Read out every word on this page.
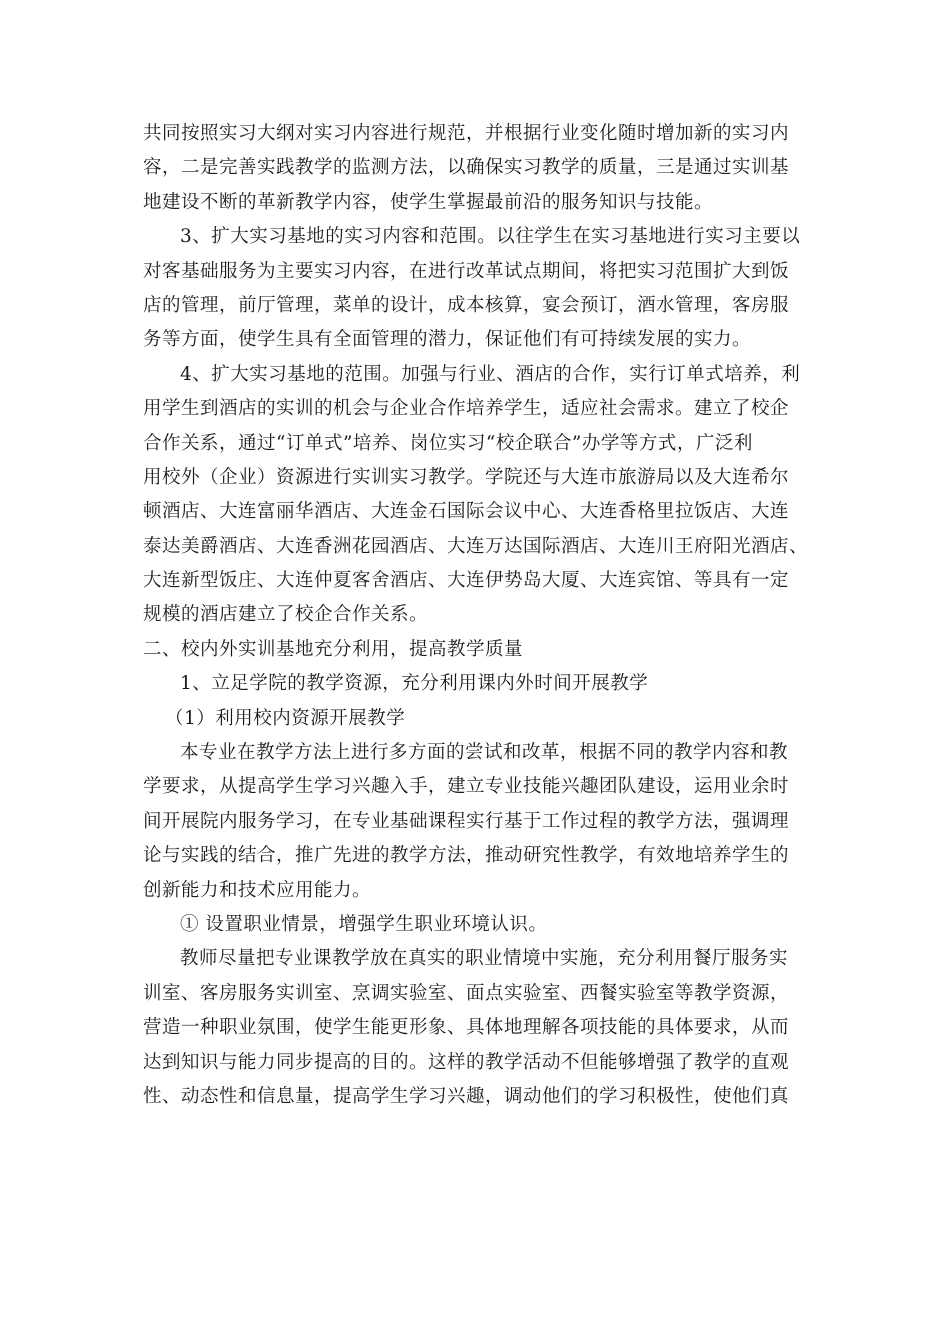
共同按照实习大纲对实习内容进行规范，并根据行业变化随时增加新的实习内
容，二是完善实践教学的监测方法，以确保实习教学的质量，三是通过实训基
地建设不断的革新教学内容，使学生掌握最前沿的服务知识与技能。
3、扩大实习基地的实习内容和范围。以往学生在实习基地进行实习主要以
对客基础服务为主要实习内容，在进行改革试点期间，将把实习范围扩大到饭
店的管理，前厅管理，菜单的设计，成本核算，宴会预订，酒水管理，客房服
务等方面，使学生具有全面管理的潜力，保证他们有可持续发展的实力。
4、扩大实习基地的范围。加强与行业、酒店的合作，实行订单式培养，利
用学生到酒店的实训的机会与企业合作培养学生，适应社会需求。建立了校企
合作关系，通过“订单式”培养、岗位实习“校企联合”办学等方式，广泛利
用校外（企业）资源进行实训实习教学。学院还与大连市旅游局以及大连希尔
顿酒店、大连富丽华酒店、大连金石国际会议中心、大连香格里拉饭店、大连
泰达美爵酒店、大连香洲花园酒店、大连万达国际酒店、大连川王府阳光酒店、
大连新型饭庄、大连仲夏客舍酒店、大连伊势岛大厦、大连宾馆、等具有一定
规模的酒店建立了校企合作关系。
二、校内外实训基地充分利用，提高教学质量
1、立足学院的教学资源，充分利用课内外时间开展教学
（1）利用校内资源开展教学
本专业在教学方法上进行多方面的尝试和改革，根据不同的教学内容和教
学要求，从提高学生学习兴趣入手，建立专业技能兴趣团队建设，运用业余时
间开展院内服务学习，在专业基础课程实行基于工作过程的教学方法，强调理
论与实践的结合，推广先进的教学方法，推动研究性教学，有效地培养学生的
创新能力和技术应用能力。
① 设置职业情景，增强学生职业环境认识。
教师尽量把专业课教学放在真实的职业情境中实施，充分利用餐厅服务实
训室、客房服务实训室、烹调实验室、面点实验室、西餐实验室等教学资源，
营造一种职业氛围，使学生能更形象、具体地理解各项技能的具体要求，从而
达到知识与能力同步提高的目的。这样的教学活动不但能够增强了教学的直观
性、动态性和信息量，提高学生学习兴趣，调动他们的学习积极性，使他们真
